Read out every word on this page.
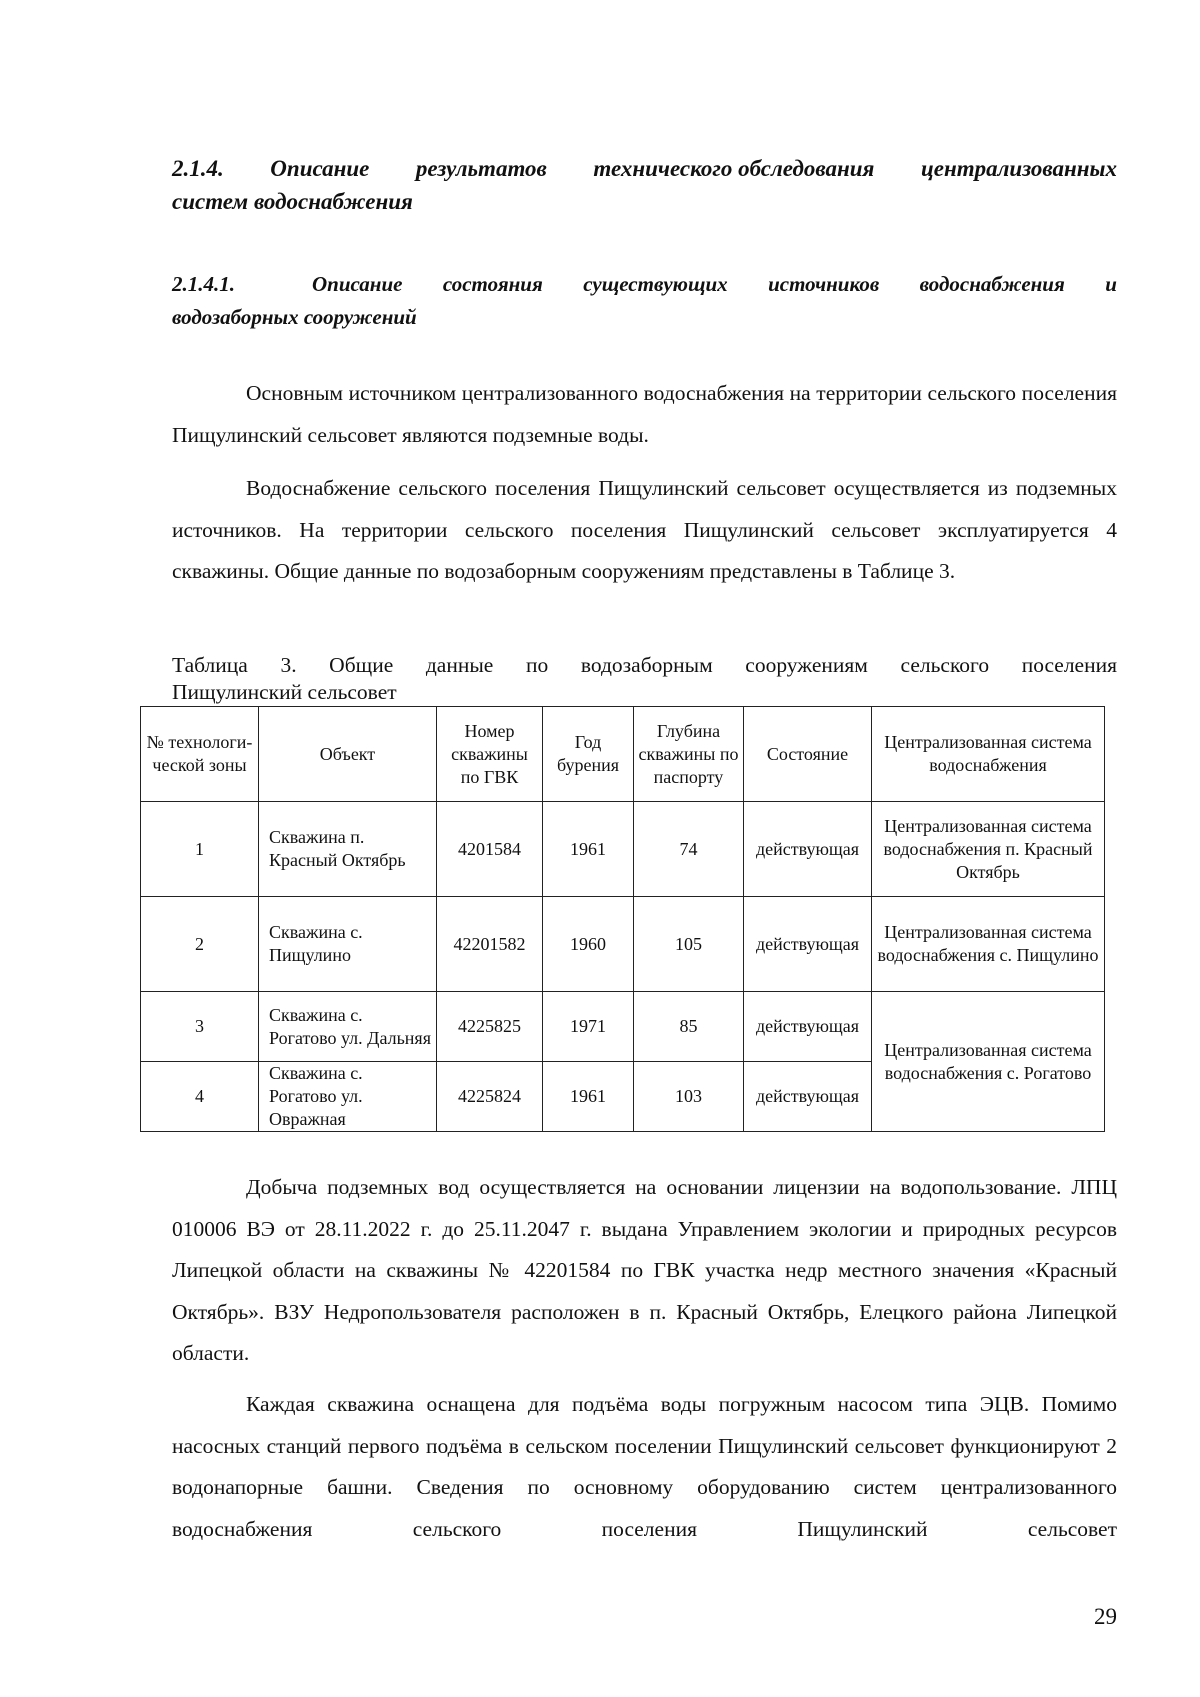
2.1.4. Описание результатов технического обследования централизованных
систем водоснабжения
2.1.4.1.	Описание состояния существующих источников водоснабжения и
водозаборных сооружений

Основным источником централизованного водоснабжения на территории сельского поселения Пищулинский сельсовет являются подземные воды.

Водоснабжение сельского поселения Пищулинский сельсовет осуществляется из подземных источников. На территории сельского поселения Пищулинский сельсовет эксплуатируется 4 скважины. Общие данные по водозаборным сооружениям представлены в Таблице 3.

Таблица 3. Общие данные по водозаборным сооружениям сельского поселения
Пищулинский сельсовет
№ технологи-ческой зоны	Объект	Номер скважины по ГВК	Год бурения	Глубина скважины по паспорту	Состояние	Централизованная система водоснабжения
1	Скважина п. Красный Октябрь	4201584	1961	74	действующая	Централизованная система водоснабжения п. Красный Октябрь
2	Скважина с. Пищулино	42201582	1960	105	действующая	Централизованная система водоснабжения с. Пищулино
3	Скважина с. Рогатово ул. Дальняя	4225825	1971	85	действующая	Централизованная система водоснабжения с. Рогатово
4	Скважина с. Рогатово ул. Овражная	4225824	1961	103	действующая	

Добыча подземных вод осуществляется на основании лицензии на водопользование. ЛПЦ 010006 ВЭ от 28.11.2022 г. до 25.11.2047 г. выдана Управлением экологии и природных ресурсов Липецкой области на скважины № 42201584 по ГВК участка недр местного значения «Красный Октябрь». ВЗУ Недропользователя расположен в п. Красный Октябрь, Елецкого района Липецкой области.

Каждая скважина оснащена для подъёма воды погружным насосом типа ЭЦВ. Помимо насосных станций первого подъёма в сельском поселении Пищулинский сельсовет функционируют 2 водонапорные башни. Сведения по основному оборудованию систем централизованного водоснабжения сельского поселения Пищулинский сельсовет

29
